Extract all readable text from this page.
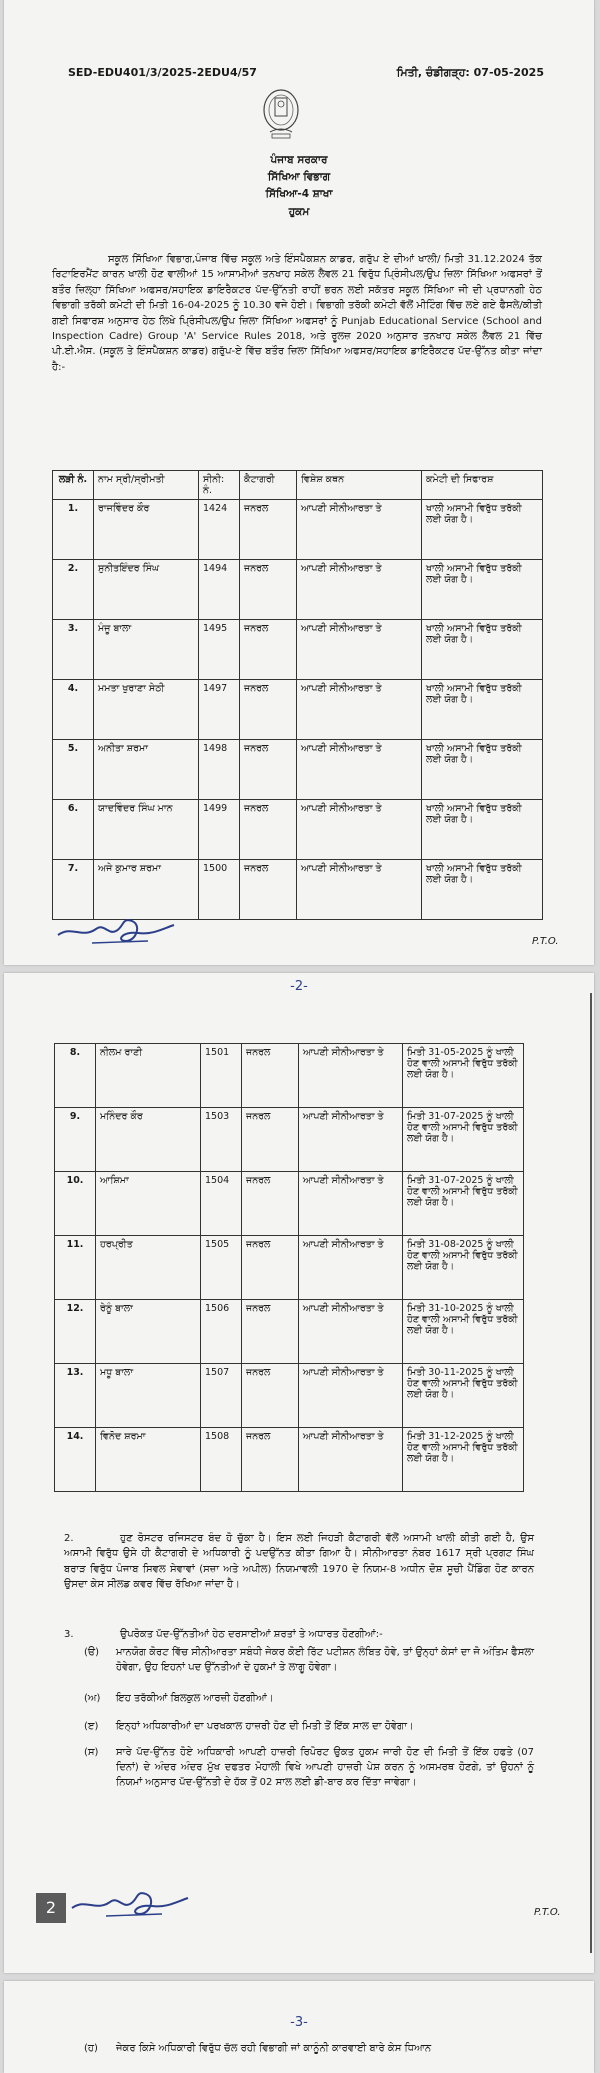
SED-EDU401/3/2025-2EDU4/57	ਮਿਤੀ, ਚੰਡੀਗੜ੍ਹ: 07-05-2025
ਪੰਜਾਬ ਸਰਕਾਰ
ਸਿੱਖਿਆ ਵਿਭਾਗ
ਸਿੱਖਿਆ-4 ਸ਼ਾਖਾ
ਹੁਕਮ
ਸਕੂਲ ਸਿੱਖਿਆ ਵਿਭਾਗ,ਪੰਜਾਬ ਵਿੱਚ ਸਕੂਲ ਅਤੇ ਇੰਸਪੈਕਸ਼ਨ ਕਾਡਰ, ਗਰੁੱਪ ਏ ਦੀਆਂ ਖਾਲੀ/ ਮਿਤੀ 31.12.2024 ਤੱਕ ਰਿਟਾਇਰਮੈਂਟ ਕਾਰਨ ਖਾਲੀ ਹੋਣ ਵਾਲੀਆਂ 15 ਆਸਾਮੀਆਂ ਤਨਖਾਹ ਸਕੇਲ ਲੈਵਲ 21 ਵਿਰੁੱਧ ਪ੍ਰਿੰਸੀਪਲ/ਉਪ ਜ਼ਿਲਾ ਸਿੱਖਿਆ ਅਫਸਰਾਂ ਤੋਂ ਬਤੌਰ ਜ਼ਿਲ੍ਹਾ ਸਿੱਖਿਆ ਅਫਸਰ/ਸਹਾਇਕ ਡਾਇਰੈਕਟਰ ਪੱਦ-ਉੱਨਤੀ ਰਾਹੀਂ ਭਰਨ ਲਈ ਸਕੱਤਰ ਸਕੂਲ ਸਿੱਖਿਆ ਜੀ ਦੀ ਪ੍ਰਧਾਨਗੀ ਹੇਠ ਵਿਭਾਗੀ ਤਰੱਕੀ ਕਮੇਟੀ ਦੀ ਮਿਤੀ 16-04-2025 ਨੂੰ 10.30 ਵਜੇ ਹੋਈ। ਵਿਭਾਗੀ ਤਰੱਕੀ ਕਮੇਟੀ ਵੱਲੋਂ ਮੀਟਿੰਗ ਵਿੱਚ ਲਏ ਗਏ ਫੈਸਲੇ/ਕੀਤੀ ਗਈ ਸਿਫਾਰਸ਼ ਅਨੁਸਾਰ ਹੇਠ ਲਿਖੇ ਪ੍ਰਿੰਸੀਪਲ/ਉਪ ਜ਼ਿਲਾ ਸਿੱਖਿਆ ਅਫਸਰਾਂ ਨੂੰ Punjab Educational Service (School and Inspection Cadre) Group 'A' Service Rules 2018, ਅਤੇ ਰੂਲਜ਼ 2020 ਅਨੁਸਾਰ ਤਨਖਾਹ ਸਕੇਲ ਲੈਵਲ 21 ਵਿੱਚ ਪੀ.ਈ.ਐਸ. (ਸਕੂਲ ਤੇ ਇੰਸਪੈਕਸ਼ਨ ਕਾਡਰ) ਗਰੁੱਪ-ਏ ਵਿੱਚ ਬਤੌਰ ਜ਼ਿਲਾ ਸਿੱਖਿਆ ਅਫਸਰ/ਸਹਾਇਕ ਡਾਇਰੈਕਟਰ ਪੱਦ-ਉੱਨਤ ਕੀਤਾ ਜਾਂਦਾ ਹੈ:-
ਲੜੀ ਨੰ.	ਨਾਮ ਸ੍ਰੀ/ਸ੍ਰੀਮਤੀ	ਸੀਨੀ: ਨੰ.	ਕੈਟਾਗਰੀ	ਵਿਸ਼ੇਸ਼ ਕਥਨ	ਕਮੇਟੀ ਦੀ ਸਿਫਾਰਸ਼
1.	ਰਾਜਵਿੰਦਰ ਕੌਰ	1424	ਜਨਰਲ	ਆਪਣੀ ਸੀਨੀਆਰਤਾ ਤੇ	ਖਾਲੀ ਅਸਾਮੀ ਵਿਰੁੱਧ ਤਰੱਕੀ ਲਈ ਯੋਗ ਹੈ।
2.	ਸੁਨੀਤਇੰਦਰ ਸਿੰਘ	1494	ਜਨਰਲ	ਆਪਣੀ ਸੀਨੀਆਰਤਾ ਤੇ	ਖਾਲੀ ਅਸਾਮੀ ਵਿਰੁੱਧ ਤਰੱਕੀ ਲਈ ਯੋਗ ਹੈ।
3.	ਮੰਜੂ ਬਾਲਾ	1495	ਜਨਰਲ	ਆਪਣੀ ਸੀਨੀਆਰਤਾ ਤੇ	ਖਾਲੀ ਅਸਾਮੀ ਵਿਰੁੱਧ ਤਰੱਕੀ ਲਈ ਯੋਗ ਹੈ।
4.	ਮਮਤਾ ਖੁਰਾਣਾ ਸੇਠੀ	1497	ਜਨਰਲ	ਆਪਣੀ ਸੀਨੀਆਰਤਾ ਤੇ	ਖਾਲੀ ਅਸਾਮੀ ਵਿਰੁੱਧ ਤਰੱਕੀ ਲਈ ਯੋਗ ਹੈ।
5.	ਅਨੀਤਾ ਸ਼ਰਮਾ	1498	ਜਨਰਲ	ਆਪਣੀ ਸੀਨੀਆਰਤਾ ਤੇ	ਖਾਲੀ ਅਸਾਮੀ ਵਿਰੁੱਧ ਤਰੱਕੀ ਲਈ ਯੋਗ ਹੈ।
6.	ਯਾਦਵਿੰਦਰ ਸਿੰਘ ਮਾਨ	1499	ਜਨਰਲ	ਆਪਣੀ ਸੀਨੀਆਰਤਾ ਤੇ	ਖਾਲੀ ਅਸਾਮੀ ਵਿਰੁੱਧ ਤਰੱਕੀ ਲਈ ਯੋਗ ਹੈ।
7.	ਅਜੇ ਕੁਮਾਰ ਸ਼ਰਮਾ	1500	ਜਨਰਲ	ਆਪਣੀ ਸੀਨੀਆਰਤਾ ਤੇ	ਖਾਲੀ ਅਸਾਮੀ ਵਿਰੁੱਧ ਤਰੱਕੀ ਲਈ ਯੋਗ ਹੈ।
P.T.O.
-2-
8.	ਨੀਲਮ ਰਾਣੀ	1501	ਜਨਰਲ	ਆਪਣੀ ਸੀਨੀਆਰਤਾ ਤੇ	ਮਿਤੀ 31-05-2025 ਨੂੰ ਖਾਲੀ ਹੋਣ ਵਾਲੀ ਅਸਾਮੀ ਵਿਰੁੱਧ ਤਰੱਕੀ ਲਈ ਯੋਗ ਹੈ।
9.	ਮਨਿੰਦਰ ਕੌਰ	1503	ਜਨਰਲ	ਆਪਣੀ ਸੀਨੀਆਰਤਾ ਤੇ	ਮਿਤੀ 31-07-2025 ਨੂੰ ਖਾਲੀ ਹੋਣ ਵਾਲੀ ਅਸਾਮੀ ਵਿਰੁੱਧ ਤਰੱਕੀ ਲਈ ਯੋਗ ਹੈ।
10.	ਆਸ਼ਿਮਾ	1504	ਜਨਰਲ	ਆਪਣੀ ਸੀਨੀਆਰਤਾ ਤੇ	ਮਿਤੀ 31-07-2025 ਨੂੰ ਖਾਲੀ ਹੋਣ ਵਾਲੀ ਅਸਾਮੀ ਵਿਰੁੱਧ ਤਰੱਕੀ ਲਈ ਯੋਗ ਹੈ।
11.	ਹਰਪ੍ਰੀਤ	1505	ਜਨਰਲ	ਆਪਣੀ ਸੀਨੀਆਰਤਾ ਤੇ	ਮਿਤੀ 31-08-2025 ਨੂੰ ਖਾਲੀ ਹੋਣ ਵਾਲੀ ਅਸਾਮੀ ਵਿਰੁੱਧ ਤਰੱਕੀ ਲਈ ਯੋਗ ਹੈ।
12.	ਰੇਨੂੰ ਬਾਲਾ	1506	ਜਨਰਲ	ਆਪਣੀ ਸੀਨੀਆਰਤਾ ਤੇ	ਮਿਤੀ 31-10-2025 ਨੂੰ ਖਾਲੀ ਹੋਣ ਵਾਲੀ ਅਸਾਮੀ ਵਿਰੁੱਧ ਤਰੱਕੀ ਲਈ ਯੋਗ ਹੈ।
13.	ਮਧੂ ਬਾਲਾ	1507	ਜਨਰਲ	ਆਪਣੀ ਸੀਨੀਆਰਤਾ ਤੇ	ਮਿਤੀ 30-11-2025 ਨੂੰ ਖਾਲੀ ਹੋਣ ਵਾਲੀ ਅਸਾਮੀ ਵਿਰੁੱਧ ਤਰੱਕੀ ਲਈ ਯੋਗ ਹੈ।
14.	ਵਿਨੋਦ ਸ਼ਰਮਾ	1508	ਜਨਰਲ	ਆਪਣੀ ਸੀਨੀਆਰਤਾ ਤੇ	ਮਿਤੀ 31-12-2025 ਨੂੰ ਖਾਲੀ ਹੋਣ ਵਾਲੀ ਅਸਾਮੀ ਵਿਰੁੱਧ ਤਰੱਕੀ ਲਈ ਯੋਗ ਹੈ।
2.	ਹੁਣ ਰੋਸਟਰ ਰਜਿਸਟਰ ਬੰਦ ਹੋ ਚੁੱਕਾ ਹੈ। ਇਸ ਲਈ ਜਿਹੜੀ ਕੈਟਾਗਰੀ ਵੱਲੋਂ ਅਸਾਮੀ ਖਾਲੀ ਕੀਤੀ ਗਈ ਹੈ, ਉਸ ਅਸਾਮੀ ਵਿਰੁੱਧ ਉਸੇ ਹੀ ਕੈਟਾਗਰੀ ਦੇ ਅਧਿਕਾਰੀ ਨੂੰ ਪਦਉੱਨਤ ਕੀਤਾ ਗਿਆ ਹੈ। ਸੀਨੀਆਰਤਾ ਨੰਬਰ 1617 ਸ੍ਰੀ ਪ੍ਰਗਟ ਸਿੰਘ ਬਰਾੜ ਵਿਰੁੱਧ ਪੰਜਾਬ ਸਿਵਲ ਸੇਵਾਵਾਂ (ਸਜ਼ਾ ਅਤੇ ਅਪੀਲ) ਨਿਯਮਾਵਲੀ 1970 ਦੇ ਨਿਯਮ-8 ਅਧੀਨ ਦੋਸ਼ ਸੂਚੀ ਪੈਂਡਿੰਗ ਹੋਣ ਕਾਰਨ ਉਸਦਾ ਕੇਸ ਸੀਲਡ ਕਵਰ ਵਿੱਚ ਰੱਖਿਆ ਜਾਂਦਾ ਹੈ।
3.	ਉਪਰੋਕਤ ਪੱਦ-ਉੱਨਤੀਆਂ ਹੇਠ ਦਰਸਾਈਆਂ ਸ਼ਰਤਾਂ ਤੇ ਅਧਾਰਤ ਹੋਣਗੀਆਂ:-
(ੳ) ਮਾਨਯੋਗ ਕੋਰਟ ਵਿੱਚ ਸੀਨੀਆਰਤਾ ਸਬੰਧੀ ਜੇਕਰ ਕੋਈ ਰਿੱਟ ਪਟੀਸ਼ਨ ਲੰਬਿਤ ਹੋਵੇ, ਤਾਂ ਉਨ੍ਹਾਂ ਕੇਸਾਂ ਦਾ ਜੋ ਅੰਤਿਮ ਫੈਸਲਾ ਹੋਵੇਗਾ, ਉਹ ਇਹਨਾਂ ਪਦ ਉੱਨਤੀਆਂ ਦੇ ਹੁਕਮਾਂ ਤੇ ਲਾਗੂ ਹੋਵੇਗਾ।
(ਅ) ਇਹ ਤਰੱਕੀਆਂ ਬਿਲਕੁਲ ਆਰਜ਼ੀ ਹੋਣਗੀਆਂ।
(ੲ) ਇਨ੍ਹਾਂ ਅਧਿਕਾਰੀਆਂ ਦਾ ਪਰਖਕਾਲ ਹਾਜ਼ਰੀ ਹੋਣ ਦੀ ਮਿਤੀ ਤੋਂ ਇੱਕ ਸਾਲ ਦਾ ਹੋਵੇਗਾ।
(ਸ) ਸਾਰੇ ਪੱਦ-ਉੱਨਤ ਹੋਏ ਅਧਿਕਾਰੀ ਆਪਣੀ ਹਾਜ਼ਰੀ ਰਿਪੋਰਟ ਉਕਤ ਹੁਕਮ ਜਾਰੀ ਹੋਣ ਦੀ ਮਿਤੀ ਤੋਂ ਇੱਕ ਹਫਤੇ (07 ਦਿਨਾਂ) ਦੇ ਅੰਦਰ ਅੰਦਰ ਮੁੱਖ ਦਫਤਰ ਮੋਹਾਲੀ ਵਿਖੇ ਆਪਣੀ ਹਾਜ਼ਰੀ ਪੇਸ਼ ਕਰਨ ਨੂੰ ਅਸਮਰਥ ਹੋਣਗੇ, ਤਾਂ ਉਹਨਾਂ ਨੂੰ ਨਿਯਮਾਂ ਅਨੁਸਾਰ ਪੱਦ-ਉੱਨਤੀ ਦੇ ਹੱਕ ਤੋਂ 02 ਸਾਲ ਲਈ ਡੀ-ਬਾਰ ਕਰ ਦਿੱਤਾ ਜਾਵੇਗਾ।
2	P.T.O.
-3-
(ਹ) ਜੇਕਰ ਕਿਸੇ ਅਧਿਕਾਰੀ ਵਿਰੁੱਧ ਚੱਲ ਰਹੀ ਵਿਭਾਗੀ ਜਾਂ ਕਾਨੂੰਨੀ ਕਾਰਵਾਈ ਬਾਰੇ ਕੇਸ ਧਿਆਨ
